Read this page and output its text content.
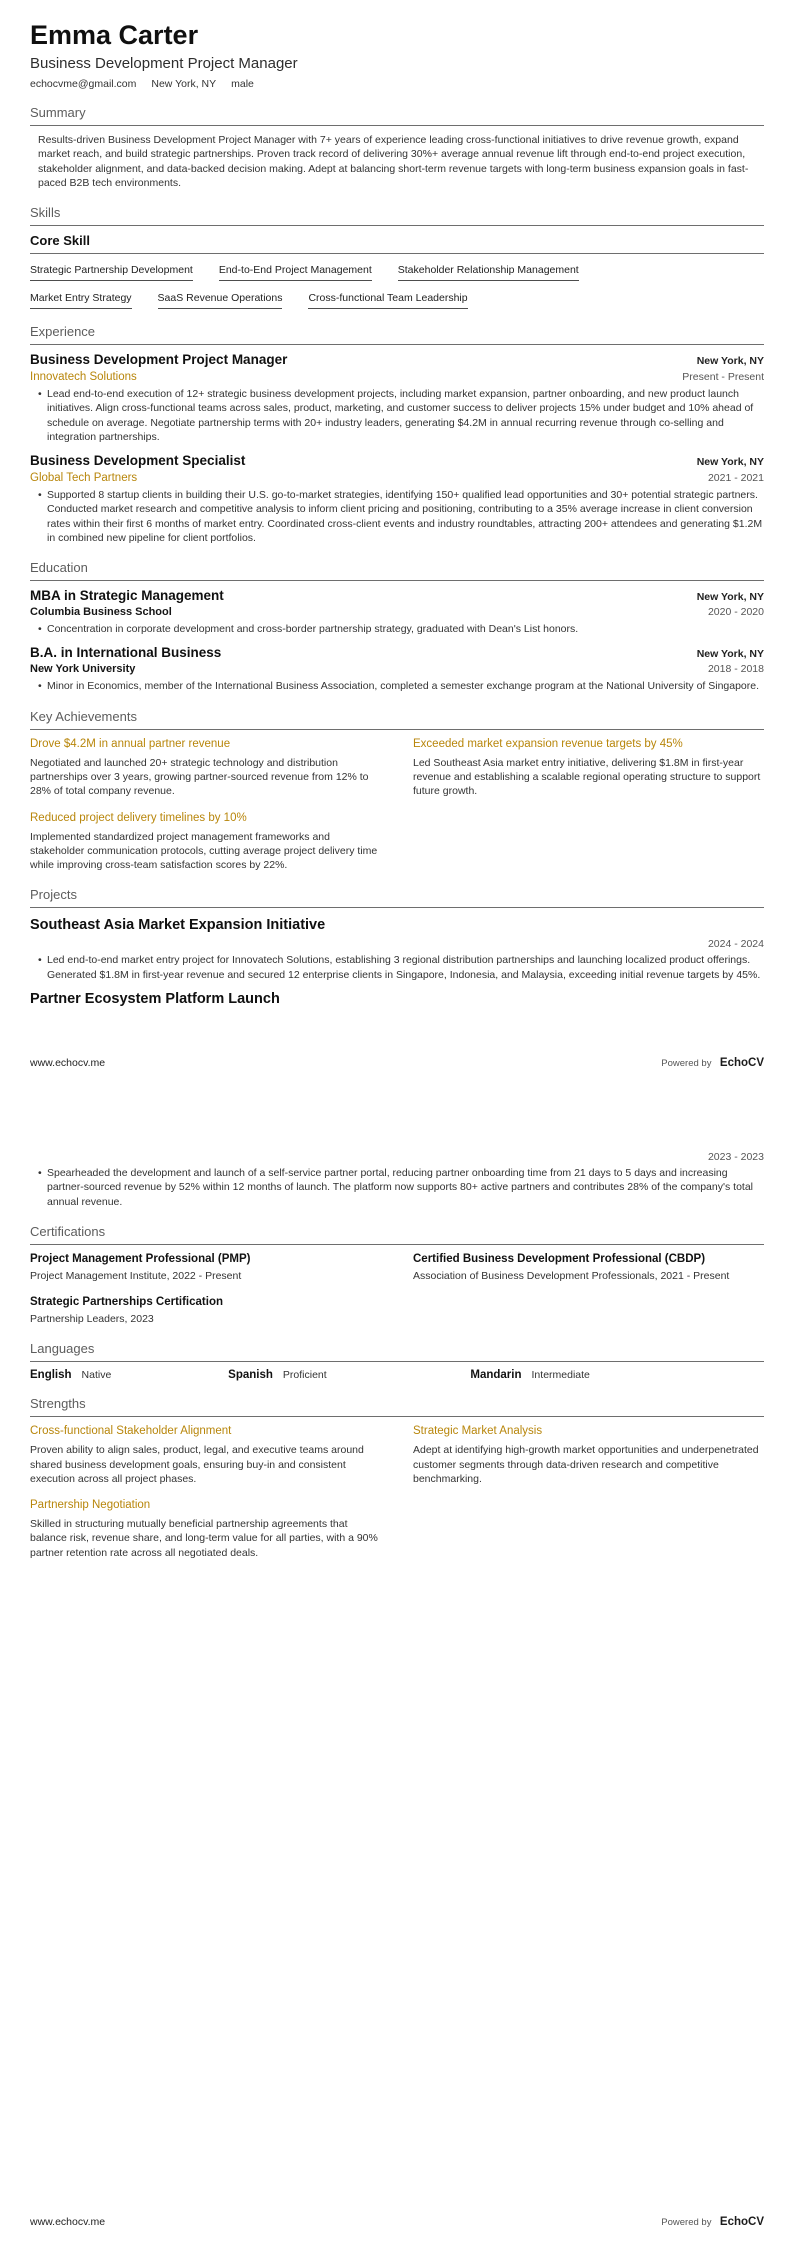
Emma Carter
Business Development Project Manager
echocvme@gmail.com New York, NY male
Summary

Results-driven Business Development Project Manager with 7+ years of experience leading cross-functional initiatives to drive revenue growth, expand market reach, and build strategic partnerships. Proven track record of delivering 30%+ average annual revenue lift through end-to-end project execution, stakeholder alignment, and data-backed decision making. Adept at balancing short-term revenue targets with long-term business expansion goals in fast-paced B2B tech environments.

Skills
Core Skill
Strategic Partnership Development End-to-End Project Management Stakeholder Relationship Management
Market Entry Strategy SaaS Revenue Operations Cross-functional Team Leadership
Experience
Business Development Project Manager	New York, NY
Innovatech Solutions	Present - Present
• Lead end-to-end execution of 12+ strategic business development projects, including market expansion, partner onboarding, and new product launch initiatives. Align cross-functional teams across sales, product, marketing, and customer success to deliver projects 15% under budget and 10% ahead of schedule on average. Negotiate partnership terms with 20+ industry leaders, generating $4.2M in annual recurring revenue through co-selling and integration partnerships.
Business Development Specialist	New York, NY
Global Tech Partners	2021 - 2021
• Supported 8 startup clients in building their U.S. go-to-market strategies, identifying 150+ qualified lead opportunities and 30+ potential strategic partners. Conducted market research and competitive analysis to inform client pricing and positioning, contributing to a 35% average increase in client conversion rates within their first 6 months of market entry. Coordinated cross-client events and industry roundtables, attracting 200+ attendees and generating $1.2M in combined new pipeline for client portfolios.
Education
MBA in Strategic Management	New York, NY
Columbia Business School	2020 - 2020
• Concentration in corporate development and cross-border partnership strategy, graduated with Dean's List honors.
B.A. in International Business	New York, NY
New York University	2018 - 2018
• Minor in Economics, member of the International Business Association, completed a semester exchange program at the National University of Singapore.
Key Achievements
Drove $4.2M in annual partner revenue
Negotiated and launched 20+ strategic technology and distribution partnerships over 3 years, growing partner-sourced revenue from 12% to 28% of total company revenue.
Exceeded market expansion revenue targets by 45%
Led Southeast Asia market entry initiative, delivering $1.8M in first-year revenue and establishing a scalable regional operating structure to support future growth.
Reduced project delivery timelines by 10%
Implemented standardized project management frameworks and stakeholder communication protocols, cutting average project delivery time while improving cross-team satisfaction scores by 22%.
Projects
Southeast Asia Market Expansion Initiative
2024 - 2024
• Led end-to-end market entry project for Innovatech Solutions, establishing 3 regional distribution partnerships and launching localized product offerings. Generated $1.8M in first-year revenue and secured 12 enterprise clients in Singapore, Indonesia, and Malaysia, exceeding initial revenue targets by 45%.
Partner Ecosystem Platform Launch
www.echocv.me	Powered by EchoCV
2023 - 2023
• Spearheaded the development and launch of a self-service partner portal, reducing partner onboarding time from 21 days to 5 days and increasing partner-sourced revenue by 52% within 12 months of launch. The platform now supports 80+ active partners and contributes 28% of the company's total annual revenue.
Certifications
Project Management Professional (PMP)
Project Management Institute, 2022 - Present
Certified Business Development Professional (CBDP)
Association of Business Development Professionals, 2021 - Present
Strategic Partnerships Certification
Partnership Leaders, 2023
Languages
English Native	Spanish Proficient	Mandarin Intermediate
Strengths
Cross-functional Stakeholder Alignment
Proven ability to align sales, product, legal, and executive teams around shared business development goals, ensuring buy-in and consistent execution across all project phases.
Strategic Market Analysis
Adept at identifying high-growth market opportunities and underpenetrated customer segments through data-driven research and competitive benchmarking.
Partnership Negotiation
Skilled in structuring mutually beneficial partnership agreements that balance risk, revenue share, and long-term value for all parties, with a 90% partner retention rate across all negotiated deals.
www.echocv.me	Powered by EchoCV
